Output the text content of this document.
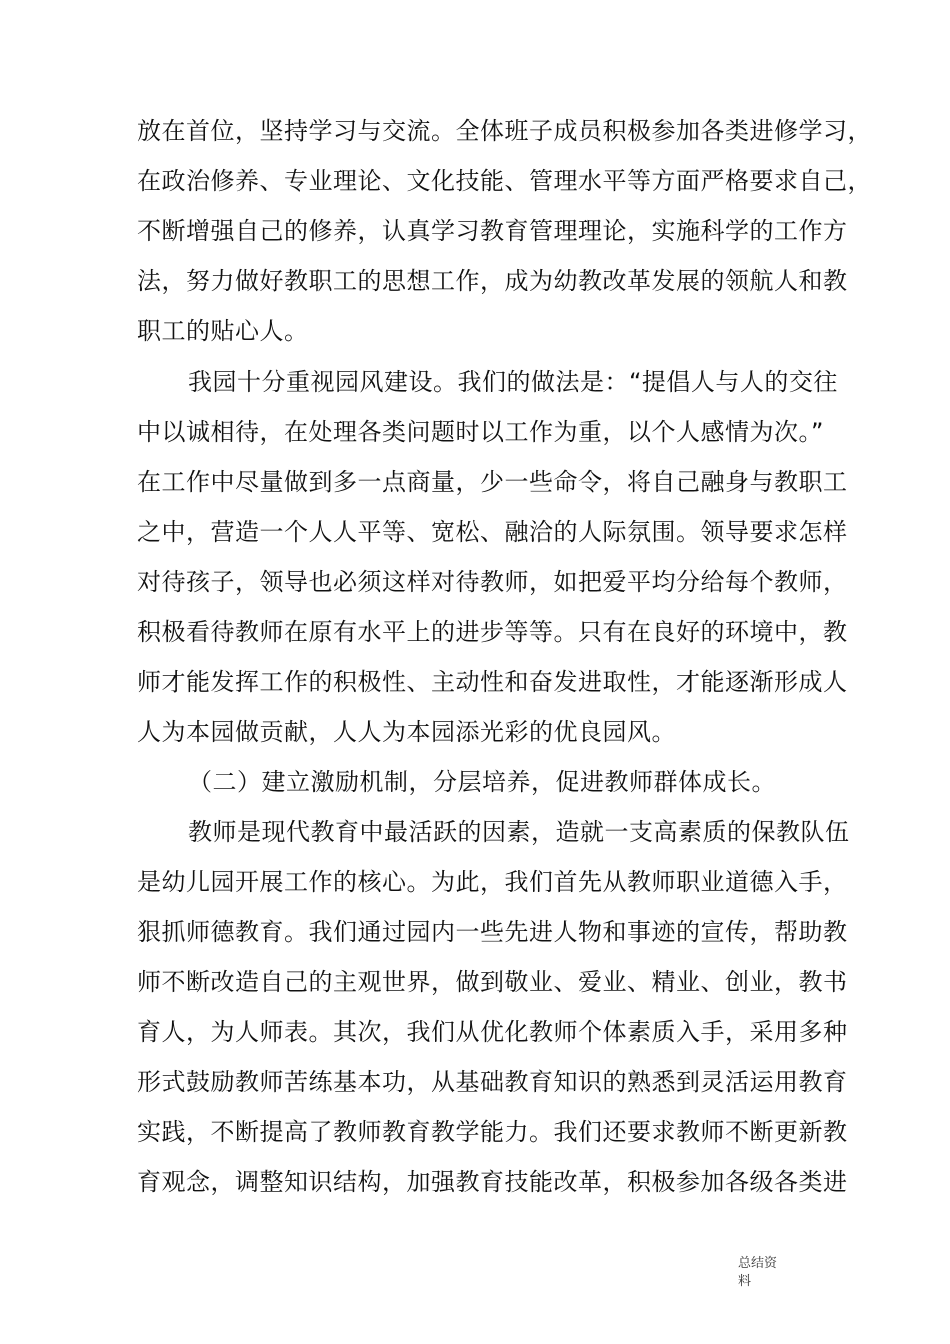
放在首位，坚持学习与交流。全体班子成员积极参加各类进修学习，
在政治修养、专业理论、文化技能、管理水平等方面严格要求自己，
不断增强自己的修养，认真学习教育管理理论，实施科学的工作方
法，努力做好教职工的思想工作，成为幼教改革发展的领航人和教
职工的贴心人。
我园十分重视园风建设。我们的做法是：“提倡人与人的交往
中以诚相待，在处理各类问题时以工作为重，以个人感情为次。”
在工作中尽量做到多一点商量，少一些命令，将自己融身与教职工
之中，营造一个人人平等、宽松、融洽的人际氛围。领导要求怎样
对待孩子，领导也必须这样对待教师，如把爱平均分给每个教师，
积极看待教师在原有水平上的进步等等。只有在良好的环境中，教
师才能发挥工作的积极性、主动性和奋发进取性，才能逐渐形成人
人为本园做贡献，人人为本园添光彩的优良园风。
（二）建立激励机制，分层培养，促进教师群体成长。
教师是现代教育中最活跃的因素，造就一支高素质的保教队伍
是幼儿园开展工作的核心。为此，我们首先从教师职业道德入手，
狠抓师德教育。我们通过园内一些先进人物和事迹的宣传，帮助教
师不断改造自己的主观世界，做到敬业、爱业、精业、创业，教书
育人，为人师表。其次，我们从优化教师个体素质入手，采用多种
形式鼓励教师苦练基本功，从基础教育知识的熟悉到灵活运用教育
实践，不断提高了教师教育教学能力。我们还要求教师不断更新教
育观念，调整知识结构，加强教育技能改革，积极参加各级各类进
总结资
料
